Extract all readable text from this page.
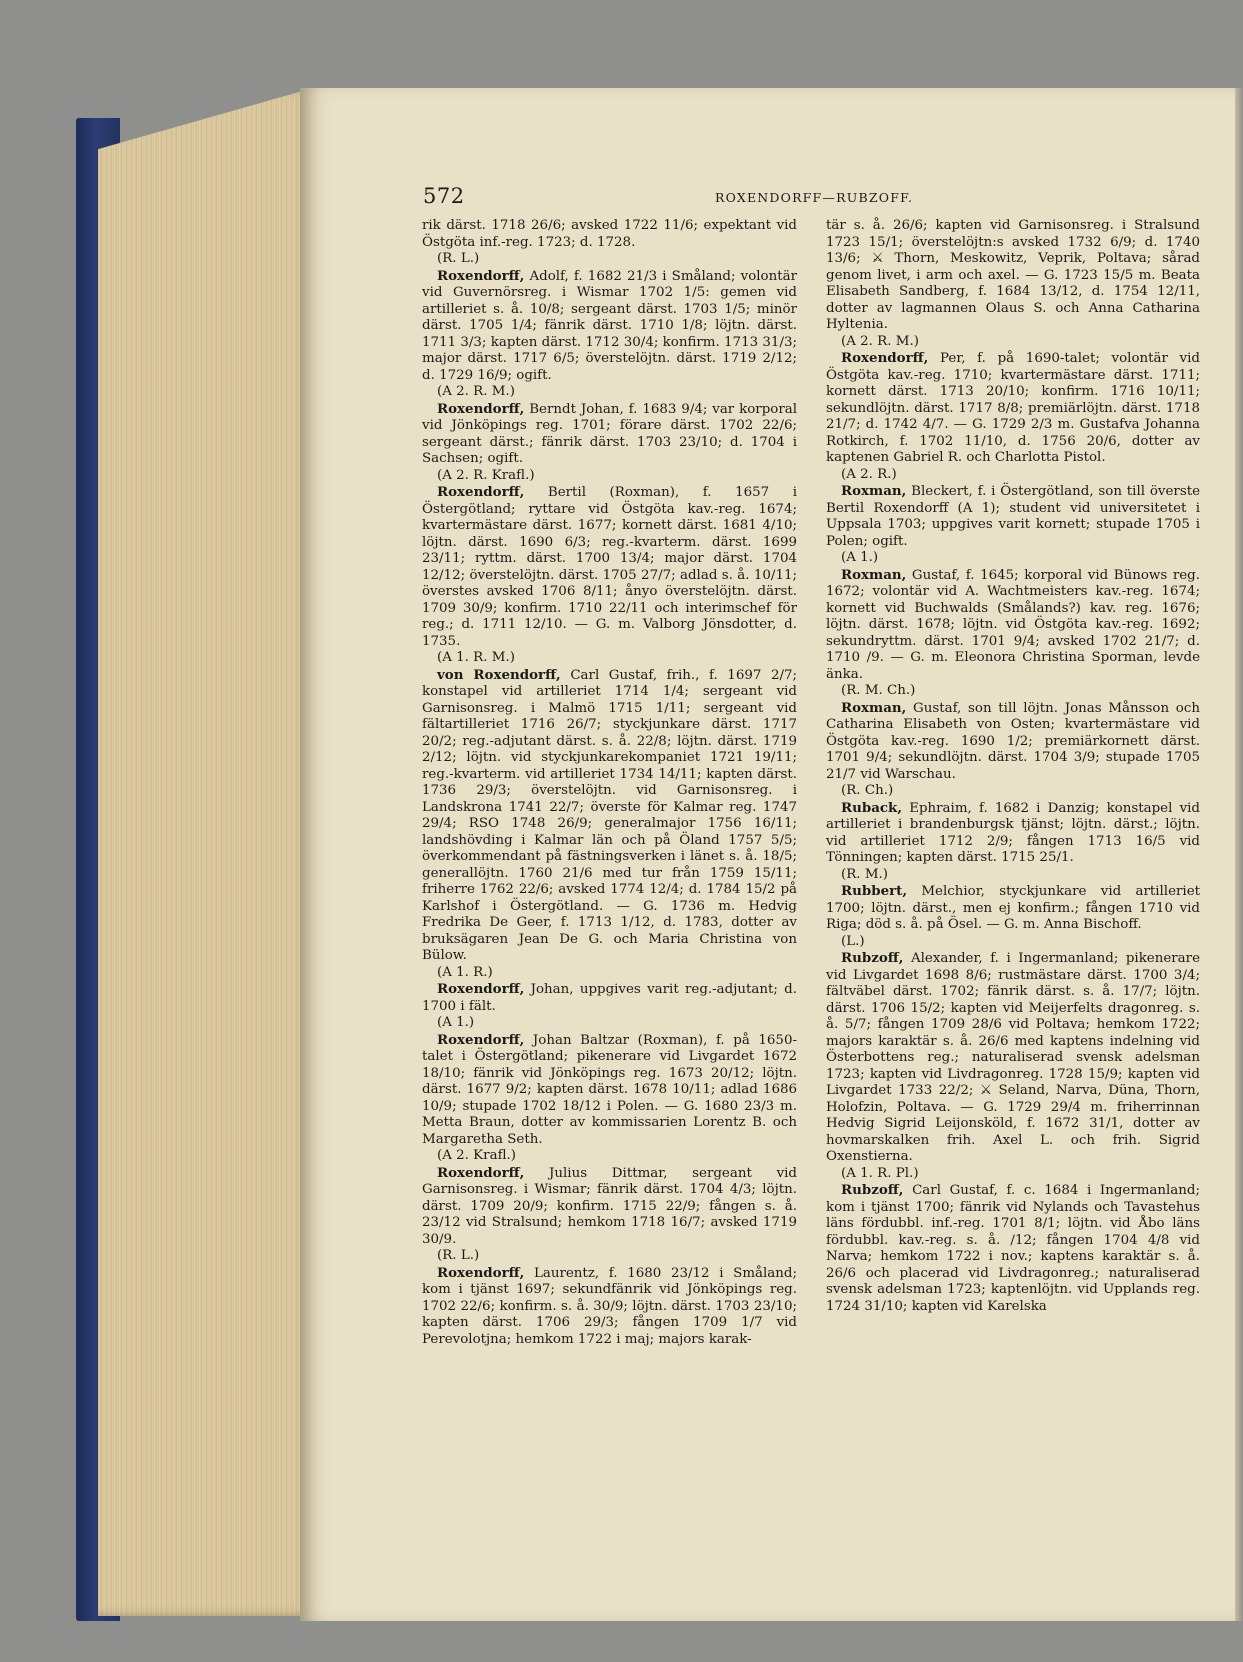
572	ROXENDORFF—RUBZOFF.

rik därst. 1718 26/6; avsked 1722 11/6; expektant vid Östgöta inf.-reg. 1723; d. 1728.

(R. L.)

Roxendorff, Adolf, f. 1682 21/3 i Småland; volontär vid Guvernörsreg. i Wismar 1702 1/5: gemen vid artilleriet s. å. 10/8; sergeant därst. 1703 1/5; minör därst. 1705 1/4; fänrik därst. 1710 1/8; löjtn. därst. 1711 3/3; kapten därst. 1712 30/4; konfirm. 1713 31/3; major därst. 1717 6/5; överstelöjtn. därst. 1719 2/12; d. 1729 16/9; ogift.

(A 2. R. M.)

Roxendorff, Berndt Johan, f. 1683 9/4; var korporal vid Jönköpings reg. 1701; förare därst. 1702 22/6; sergeant därst.; fänrik därst. 1703 23/10; d. 1704 i Sachsen; ogift.

(A 2. R. Krafl.)

Roxendorff, Bertil (Roxman), f. 1657 i Östergötland; ryttare vid Östgöta kav.-reg. 1674; kvartermästare därst. 1677; kornett därst. 1681 4/10; löjtn. därst. 1690 6/3; reg.-kvarterm. därst. 1699 23/11; ryttm. därst. 1700 13/4; major därst. 1704 12/12; överstelöjtn. därst. 1705 27/7; adlad s. å. 10/11; överstes avsked 1706 8/11; ånyo överstelöjtn. därst. 1709 30/9; konfirm. 1710 22/11 och interimschef för reg.; d. 1711 12/10. — G. m. Valborg Jönsdotter, d. 1735.

(A 1. R. M.)

von Roxendorff, Carl Gustaf, frih., f. 1697 2/7; konstapel vid artilleriet 1714 1/4; sergeant vid Garnisonsreg. i Malmö 1715 1/11; sergeant vid fältartilleriet 1716 26/7; styckjunkare därst. 1717 20/2; reg.-adjutant därst. s. å. 22/8; löjtn. därst. 1719 2/12; löjtn. vid styckjunkarekompaniet 1721 19/11; reg.-kvarterm. vid artilleriet 1734 14/11; kapten därst. 1736 29/3; överstelöjtn. vid Garnisonsreg. i Landskrona 1741 22/7; överste för Kalmar reg. 1747 29/4; RSO 1748 26/9; generalmajor 1756 16/11; landshövding i Kalmar län och på Öland 1757 5/5; överkommendant på fästningsverken i länet s. å. 18/5; generallöjtn. 1760 21/6 med tur från 1759 15/11; friherre 1762 22/6; avsked 1774 12/4; d. 1784 15/2 på Karlshof i Östergötland. — G. 1736 m. Hedvig Fredrika De Geer, f. 1713 1/12, d. 1783, dotter av bruksägaren Jean De G. och Maria Christina von Bülow.

(A 1. R.)

Roxendorff, Johan, uppgives varit reg.-adjutant; d. 1700 i fält.

(A 1.)

Roxendorff, Johan Baltzar (Roxman), f. på 1650-talet i Östergötland; pikenerare vid Livgardet 1672 18/10; fänrik vid Jönköpings reg. 1673 20/12; löjtn. därst. 1677 9/2; kapten därst. 1678 10/11; adlad 1686 10/9; stupade 1702 18/12 i Polen. — G. 1680 23/3 m. Metta Braun, dotter av kommissarien Lorentz B. och Margaretha Seth.

(A 2. Krafl.)

Roxendorff, Julius Dittmar, sergeant vid Garnisonsreg. i Wismar; fänrik därst. 1704 4/3; löjtn. därst. 1709 20/9; konfirm. 1715 22/9; fången s. å. 23/12 vid Stralsund; hemkom 1718 16/7; avsked 1719 30/9.

(R. L.)

Roxendorff, Laurentz, f. 1680 23/12 i Småland; kom i tjänst 1697; sekundfänrik vid Jönköpings reg. 1702 22/6; konfirm. s. å. 30/9; löjtn. därst. 1703 23/10; kapten därst. 1706 29/3; fången 1709 1/7 vid Perevolotjna; hemkom 1722 i maj; majors karak-

tär s. å. 26/6; kapten vid Garnisonsreg. i Stralsund 1723 15/1; överstelöjtn:s avsked 1732 6/9; d. 1740 13/6; ⚔ Thorn, Meskowitz, Veprik, Poltava; sårad genom livet, i arm och axel. — G. 1723 15/5 m. Beata Elisabeth Sandberg, f. 1684 13/12, d. 1754 12/11, dotter av lagmannen Olaus S. och Anna Catharina Hyltenia.

(A 2. R. M.)

Roxendorff, Per, f. på 1690-talet; volontär vid Östgöta kav.-reg. 1710; kvartermästare därst. 1711; kornett därst. 1713 20/10; konfirm. 1716 10/11; sekundlöjtn. därst. 1717 8/8; premiärlöjtn. därst. 1718 21/7; d. 1742 4/7. — G. 1729 2/3 m. Gustafva Johanna Rotkirch, f. 1702 11/10, d. 1756 20/6, dotter av kaptenen Gabriel R. och Charlotta Pistol.

(A 2. R.)

Roxman, Bleckert, f. i Östergötland, son till överste Bertil Roxendorff (A 1); student vid universitetet i Uppsala 1703; uppgives varit kornett; stupade 1705 i Polen; ogift.

(A 1.)

Roxman, Gustaf, f. 1645; korporal vid Bünows reg. 1672; volontär vid A. Wachtmeisters kav.-reg. 1674; kornett vid Buchwalds (Smålands?) kav. reg. 1676; löjtn. därst. 1678; löjtn. vid Östgöta kav.-reg. 1692; sekundryttm. därst. 1701 9/4; avsked 1702 21/7; d. 1710 /9. — G. m. Eleonora Christina Sporman, levde änka.

(R. M. Ch.)

Roxman, Gustaf, son till löjtn. Jonas Månsson och Catharina Elisabeth von Osten; kvartermästare vid Östgöta kav.-reg. 1690 1/2; premiärkornett därst. 1701 9/4; sekundlöjtn. därst. 1704 3/9; stupade 1705 21/7 vid Warschau.

(R. Ch.)

Ruback, Ephraim, f. 1682 i Danzig; konstapel vid artilleriet i brandenburgsk tjänst; löjtn. därst.; löjtn. vid artilleriet 1712 2/9; fången 1713 16/5 vid Tönningen; kapten därst. 1715 25/1.

(R. M.)

Rubbert, Melchior, styckjunkare vid artilleriet 1700; löjtn. därst., men ej konfirm.; fången 1710 vid Riga; död s. å. på Ösel. — G. m. Anna Bischoff.

(L.)

Rubzoff, Alexander, f. i Ingermanland; pikenerare vid Livgardet 1698 8/6; rustmästare därst. 1700 3/4; fältväbel därst. 1702; fänrik därst. s. å. 17/7; löjtn. därst. 1706 15/2; kapten vid Meijerfelts dragonreg. s. å. 5/7; fången 1709 28/6 vid Poltava; hemkom 1722; majors karaktär s. å. 26/6 med kaptens indelning vid Österbottens reg.; naturaliserad svensk adelsman 1723; kapten vid Livdragonreg. 1728 15/9; kapten vid Livgardet 1733 22/2; ⚔ Seland, Narva, Düna, Thorn, Holofzin, Poltava. — G. 1729 29/4 m. friherrinnan Hedvig Sigrid Leijonsköld, f. 1672 31/1, dotter av hovmarskalken frih. Axel L. och frih. Sigrid Oxenstierna.

(A 1. R. Pl.)

Rubzoff, Carl Gustaf, f. c. 1684 i Ingermanland; kom i tjänst 1700; fänrik vid Nylands och Tavastehus läns fördubbl. inf.-reg. 1701 8/1; löjtn. vid Åbo läns fördubbl. kav.-reg. s. å. /12; fången 1704 4/8 vid Narva; hemkom 1722 i nov.; kaptens karaktär s. å. 26/6 och placerad vid Livdragonreg.; naturaliserad svensk adelsman 1723; kaptenlöjtn. vid Upplands reg. 1724 31/10; kapten vid Karelska
